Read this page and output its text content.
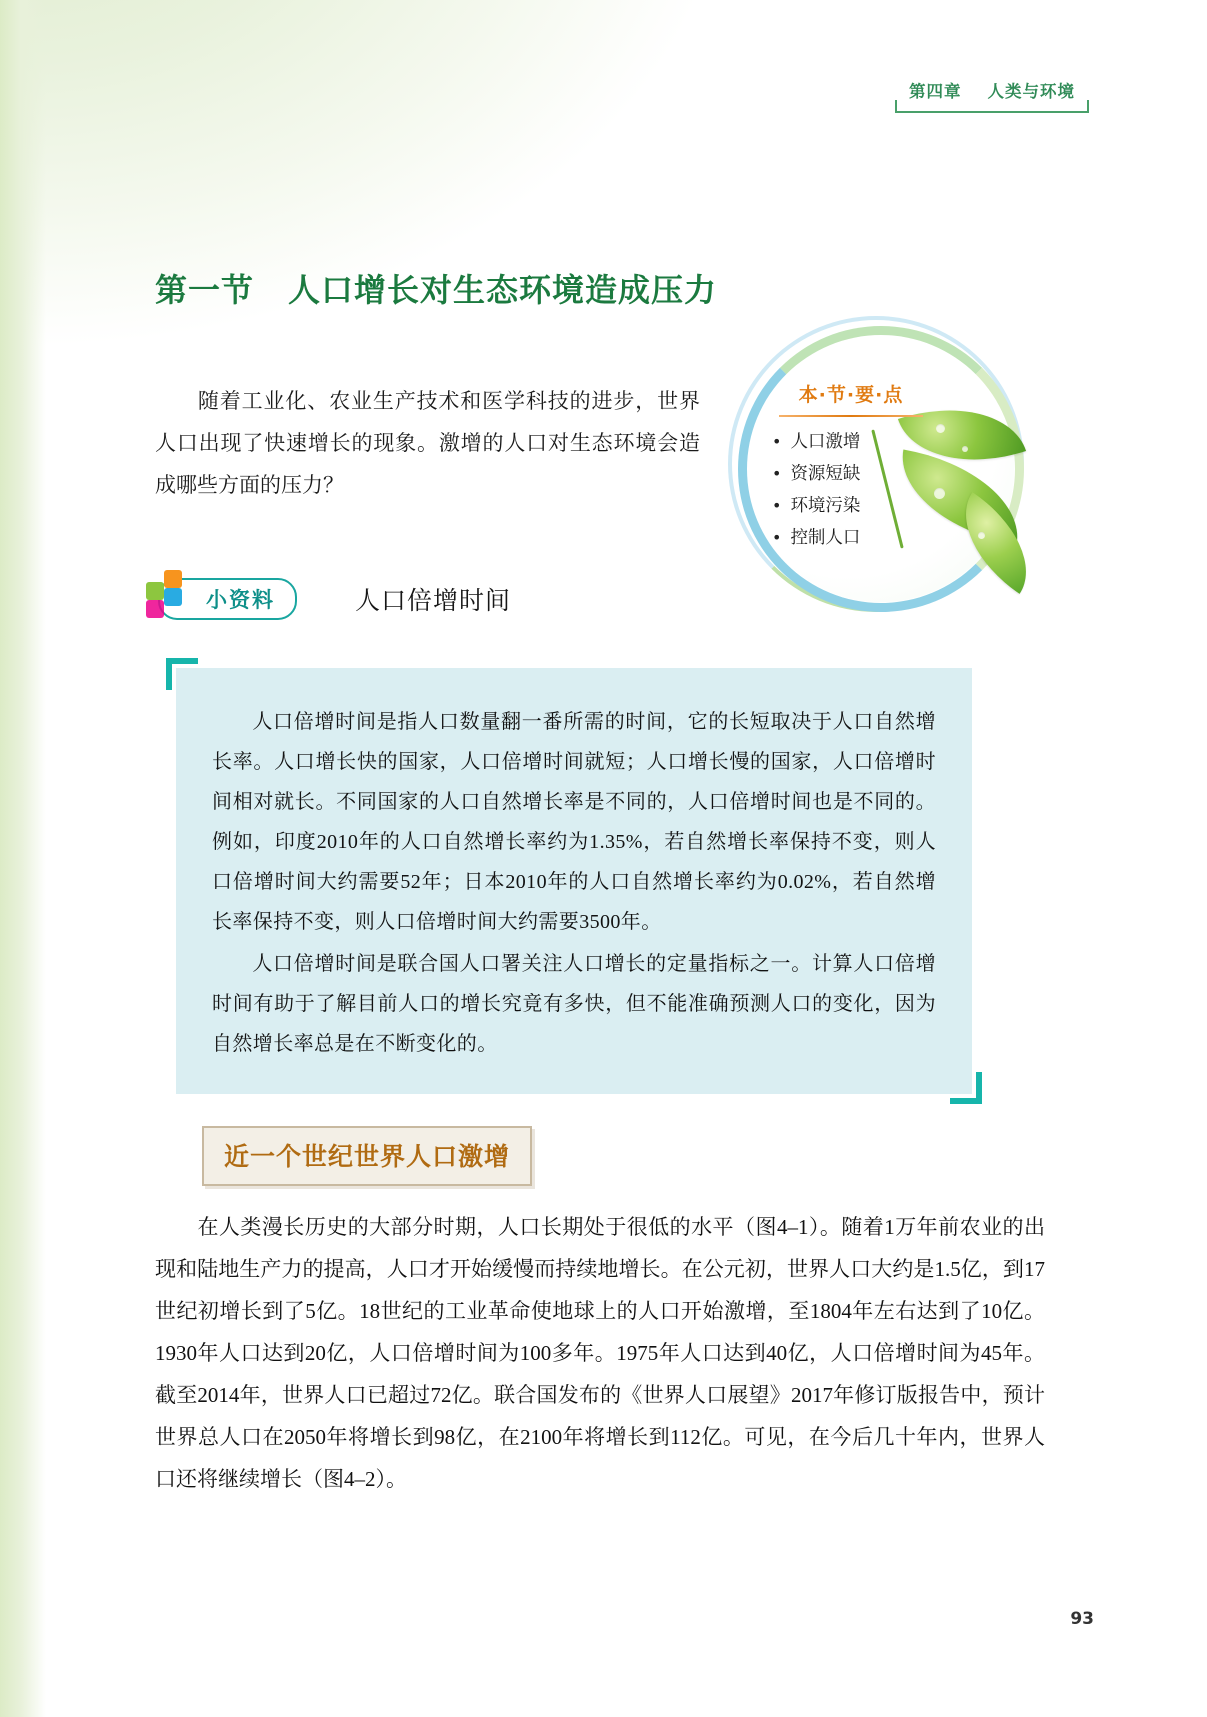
第四章 人类与环境
第一节 人口增长对生态环境造成压力
随着工业化、农业生产技术和医学科技的进步，世界人口出现了快速增长的现象。激增的人口对生态环境会造成哪些方面的压力？
本·节·要·点
• 人口激增
• 资源短缺
• 环境污染
• 控制人口
小资料	人口倍增时间

人口倍增时间是指人口数量翻一番所需的时间，它的长短取决于人口自然增长率。人口增长快的国家，人口倍增时间就短；人口增长慢的国家，人口倍增时间相对就长。不同国家的人口自然增长率是不同的，人口倍增时间也是不同的。例如，印度2010年的人口自然增长率约为1.35%，若自然增长率保持不变，则人口倍增时间大约需要52年；日本2010年的人口自然增长率约为0.02%，若自然增长率保持不变，则人口倍增时间大约需要3500年。

人口倍增时间是联合国人口署关注人口增长的定量指标之一。计算人口倍增时间有助于了解目前人口的增长究竟有多快，但不能准确预测人口的变化，因为自然增长率总是在不断变化的。

近一个世纪世界人口激增
在人类漫长历史的大部分时期，人口长期处于很低的水平（图4–1）。随着1万年前农业的出现和陆地生产力的提高，人口才开始缓慢而持续地增长。在公元初，世界人口大约是1.5亿，到17世纪初增长到了5亿。18世纪的工业革命使地球上的人口开始激增，至1804年左右达到了10亿。1930年人口达到20亿，人口倍增时间为100多年。1975年人口达到40亿，人口倍增时间为45年。截至2014年，世界人口已超过72亿。联合国发布的《世界人口展望》2017年修订版报告中，预计世界总人口在2050年将增长到98亿，在2100年将增长到112亿。可见，在今后几十年内，世界人口还将继续增长（图4–2）。
93
